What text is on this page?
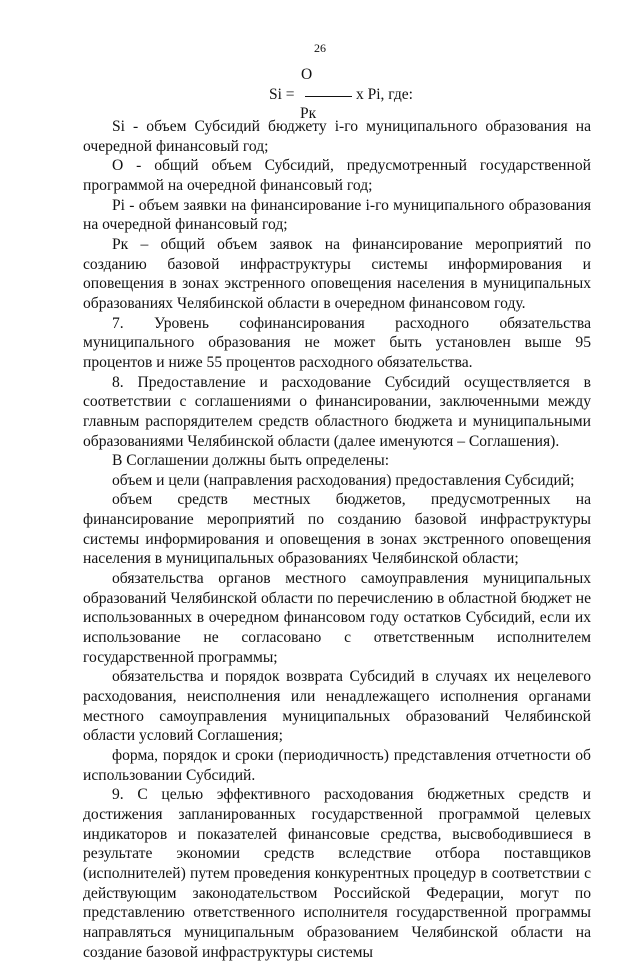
26
O
Si =	х Pi, где:
Рк

Si - объем Субсидий бюджету i-го муниципального образования на очередной финансовый год;

О - общий объем Субсидий, предусмотренный государственной программой на очередной финансовый год;

Pi - объем заявки на финансирование i-го муниципального образования на очередной финансовый год;

Рк – общий объем заявок на финансирование мероприятий по созданию базовой инфраструктуры системы информирования и оповещения в зонах экстренного оповещения населения в муниципальных образованиях Челябинской области в очередном финансовом году.

7. Уровень софинансирования расходного обязательства муниципального образования не может быть установлен выше 95 процентов и ниже 55 процентов расходного обязательства.

8. Предоставление и расходование Субсидий осуществляется в соответствии с соглашениями о финансировании, заключенными между главным распорядителем средств областного бюджета и муниципальными образованиями Челябинской области (далее именуются – Соглашения).

В Соглашении должны быть определены:

объем и цели (направления расходования) предоставления Субсидий;

объем средств местных бюджетов, предусмотренных на финансирование мероприятий по созданию базовой инфраструктуры системы информирования и оповещения в зонах экстренного оповещения населения в муниципальных образованиях Челябинской области;

обязательства органов местного самоуправления муниципальных образований Челябинской области по перечислению в областной бюджет не использованных в очередном финансовом году остатков Субсидий, если их использование не согласовано с ответственным исполнителем государственной программы;

обязательства и порядок возврата Субсидий в случаях их нецелевого расходования, неисполнения или ненадлежащего исполнения органами местного самоуправления муниципальных образований Челябинской области условий Соглашения;

форма, порядок и сроки (периодичность) представления отчетности об использовании Субсидий.

9. С целью эффективного расходования бюджетных средств и достижения запланированных государственной программой целевых индикаторов и показателей финансовые средства, высвободившиеся в результате экономии средств вследствие отбора поставщиков (исполнителей) путем проведения конкурентных процедур в соответствии с действующим законодательством Российской Федерации, могут по представлению ответственного исполнителя государственной программы направляться муниципальным образованием Челябинской области на создание базовой инфраструктуры системы
